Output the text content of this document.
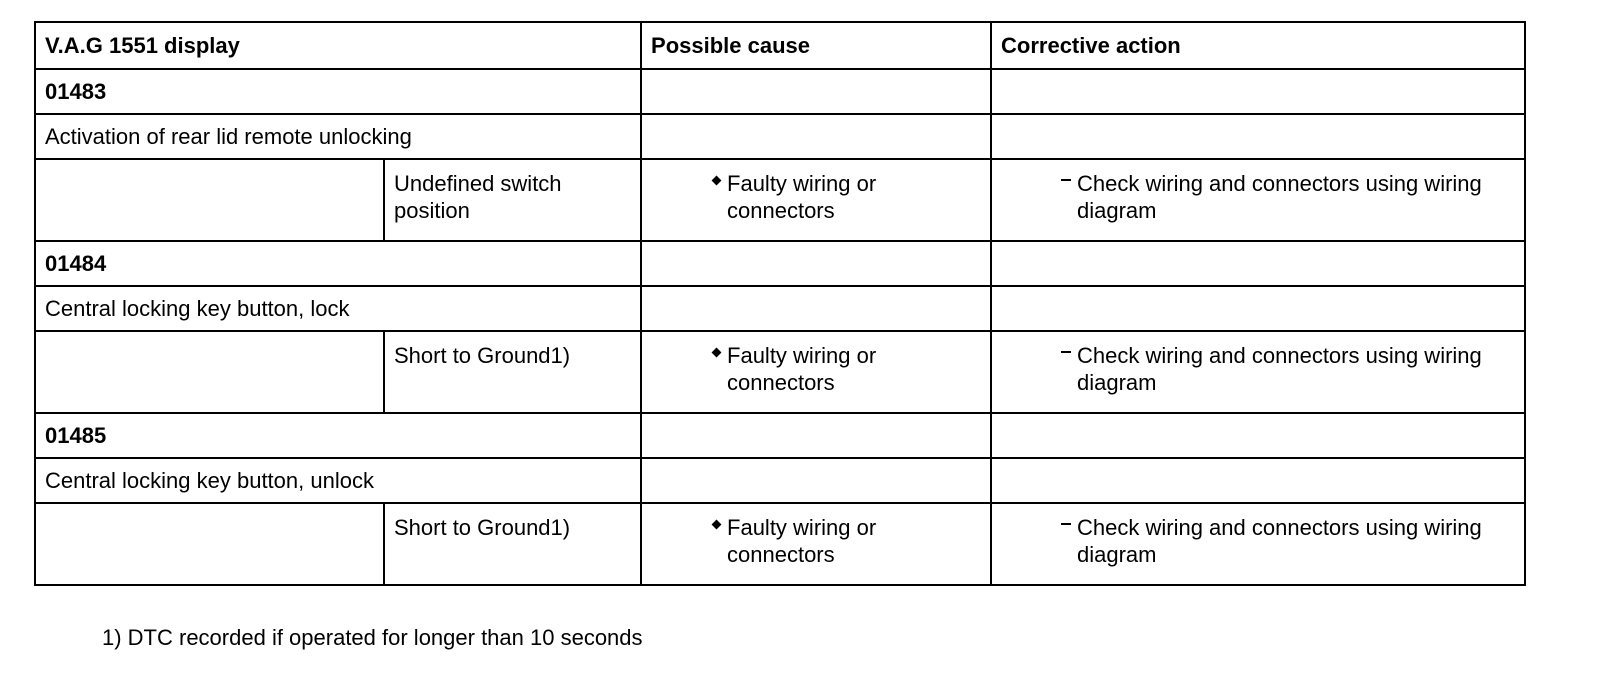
V.A.G 1551 display		Possible cause	Corrective action
01483			
Activation of rear lid remote unlocking			
	Undefined switch position	Faulty wiring or connectors	Check wiring and connectors using wiring diagram

01484			
Central locking key button, lock			
	Short to Ground1)	Faulty wiring or connectors	Check wiring and connectors using wiring diagram

01485			
Central locking key button, unlock			
	Short to Ground1)	Faulty wiring or connectors	Check wiring and connectors using wiring diagram
1) DTC recorded if operated for longer than 10 seconds
